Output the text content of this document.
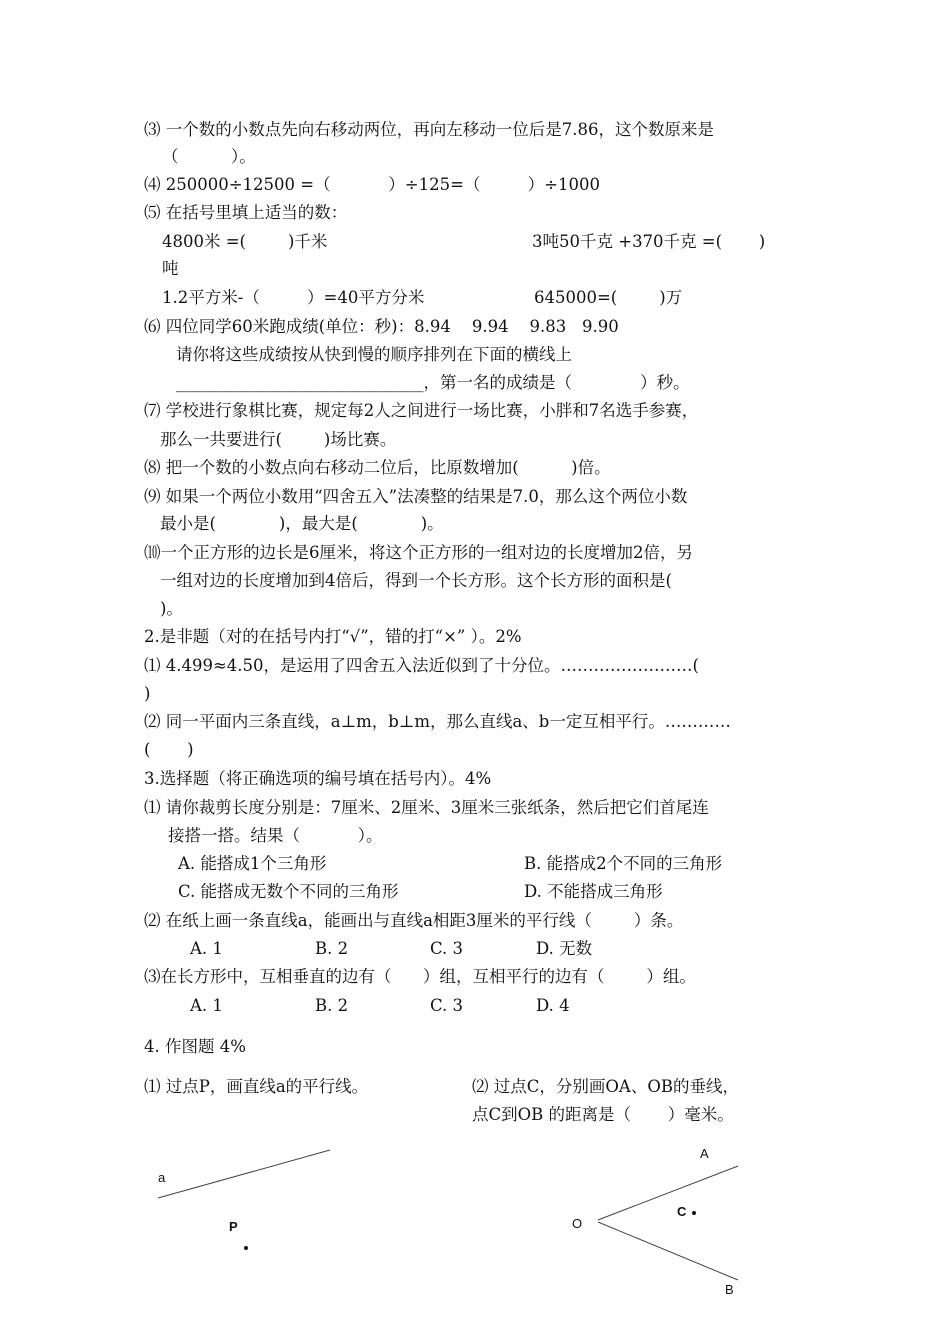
⑶ 一个数的小数点先向右移动两位，再向左移动一位后是7.86，这个数原来是
（          ）。
⑷ 250000÷12500 =（           ）÷125=（         ）÷1000
⑸ 在括号里填上适当的数：
4800米 =(        )千米	3吨50千克 +370千克 =(       )
吨
1.2平方米-（         ）=40平方分米	645000=(        )万
⑹ 四位同学60米跑成绩(单位：秒)：8.94    9.94    9.83   9.90
请你将这些成绩按从快到慢的顺序排列在下面的横线上
______________________________，第一名的成绩是（             ）秒。
⑺ 学校进行象棋比赛，规定每2人之间进行一场比赛，小胖和7名选手参赛，
那么一共要进行(        )场比赛。
⑻ 把一个数的小数点向右移动二位后，比原数增加(          )倍。
⑼ 如果一个两位小数用“四舍五入”法凑整的结果是7.0，那么这个两位小数
最小是(            )，最大是(            )。
⑽一个正方形的边长是6厘米，将这个正方形的一组对边的长度增加2倍，另
一组对边的长度增加到4倍后，得到一个长方形。这个长方形的面积是(
)。
2.是非题（对的在括号内打“√”，错的打“×” ）。2%
⑴ 4.499≈4.50，是运用了四舍五入法近似到了十分位。……………………(
)
⑵ 同一平面内三条直线，a⊥m，b⊥m，那么直线a、b一定互相平行。…………
(       )
3.选择题（将正确选项的编号填在括号内）。4%
⑴ 请你裁剪长度分别是：7厘米、2厘米、3厘米三张纸条，然后把它们首尾连
接搭一搭。结果（           ）。
A. 能搭成1个三角形	B. 能搭成2个不同的三角形
C. 能搭成无数个不同的三角形	D. 不能搭成三角形
⑵ 在纸上画一条直线a，能画出与直线a相距3厘米的平行线（        ）条。
A. 1	B. 2	C. 3	D. 无数
⑶在长方形中，互相垂直的边有（      ）组，互相平行的边有（        ）组。
A. 1	B. 2	C. 3	D. 4
4. 作图题 4%
⑴ 过点P，画直线a的平行线。	⑵ 过点C，分别画OA、OB的垂线，
点C到OB 的距离是（       ）毫米。
a
P	O
A
B
C
